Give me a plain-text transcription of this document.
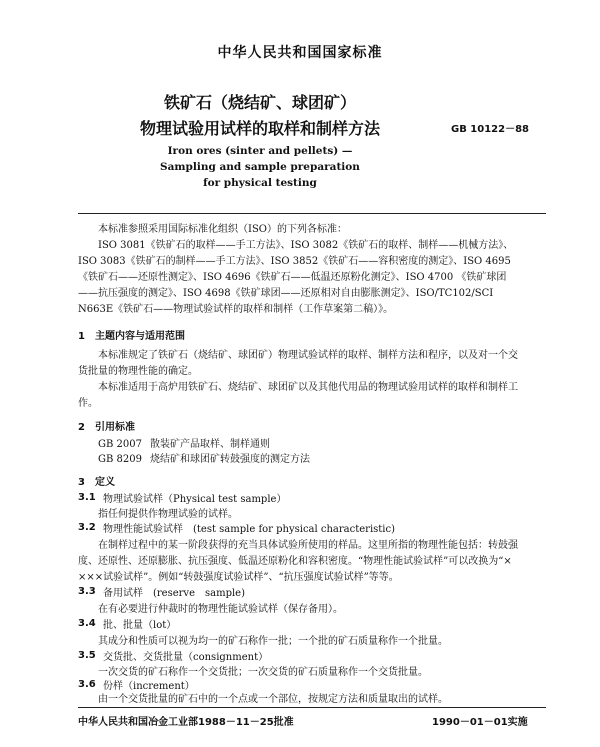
中华人民共和国国家标准
铁矿石（烧结矿、球团矿）
物理试验用试样的取样和制样方法	GB 10122－88
Iron ores (sinter and pellets) —
Sampling and sample preparation
for physical testing
本标准参照采用国际标准化组织（ISO）的下列各标准：
ISO 3081《铁矿石的取样——手工方法》、ISO 3082《铁矿石的取样、制样——机械方法》、
ISO 3083《铁矿石的制样——手工方法》、ISO 3852《铁矿石——容积密度的测定》、ISO 4695
《铁矿石——还原性测定》、ISO 4696《铁矿石——低温还原粉化测定》、ISO 4700 《铁矿球团
——抗压强度的测定》、ISO 4698《铁矿球团——还原相对自由膨胀测定》、ISO/TC102/SCI
N663E《铁矿石——物理试验试样的取样和制样（工作草案第二稿）》。
1　主题内容与适用范围
本标准规定了铁矿石（烧结矿、球团矿）物理试验试样的取样、制样方法和程序，以及对一个交
货批量的物理性能的确定。
本标准适用于高炉用铁矿石、烧结矿、球团矿以及其他代用品的物理试验用试样的取样和制样工
作。
2　引用标准
GB 2007 散装矿产品取样、制样通则
GB 8209 烧结矿和球团矿转鼓强度的测定方法
3　定义
3.1 物理试验试样（Physical test sample）
指任何提供作物理试验的试样。
3.2 物理性能试验试样　(test sample for physical characteristic)
在制样过程中的某一阶段获得的充当具体试验所使用的样品。这里所指的物理性能包括：转鼓强
度、还原性、还原膨胀、抗压强度、低温还原粉化和容积密度。“物理性能试验试样”可以改换为“×
×××试验试样”。例如“转鼓强度试验试样”、“抗压强度试验试样”等等。
3.3 备用试样　(reserve　sample)
在有必要进行仲裁时的物理性能试验试样（保存备用）。
3.4 批、批量（lot）
其成分和性质可以视为均一的矿石称作一批；一个批的矿石质量称作一个批量。
3.5 交货批、交货批量（consignment）
一次交货的矿石称作一个交货批；一次交货的矿石质量称作一个交货批量。
3.6 份样（increment）
由一个交货批量的矿石中的一个点或一个部位，按规定方法和质量取出的试样。
中华人民共和国冶金工业部1988－11－25批准	1990－01－01实施
